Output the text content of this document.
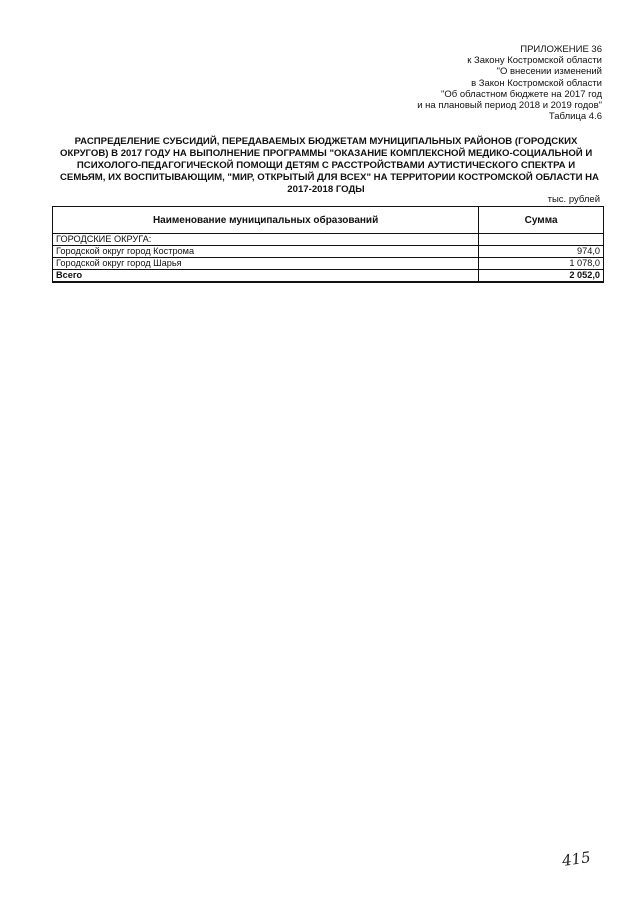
ПРИЛОЖЕНИЕ 36
к Закону Костромской области
"О внесении изменений
в Закон Костромской области
"Об областном бюджете на 2017 год
и на плановый период 2018 и 2019 годов"
Таблица 4.6
РАСПРЕДЕЛЕНИЕ СУБСИДИЙ, ПЕРЕДАВАЕМЫХ БЮДЖЕТАМ МУНИЦИПАЛЬНЫХ РАЙОНОВ (ГОРОДСКИХ
ОКРУГОВ) В 2017 ГОДУ НА ВЫПОЛНЕНИЕ ПРОГРАММЫ "ОКАЗАНИЕ КОМПЛЕКСНОЙ МЕДИКО-СОЦИАЛЬНОЙ И
ПСИХОЛОГО-ПЕДАГОГИЧЕСКОЙ ПОМОЩИ ДЕТЯМ С РАССТРОЙСТВАМИ АУТИСТИЧЕСКОГО СПЕКТРА И
СЕМЬЯМ, ИХ ВОСПИТЫВАЮЩИМ, "МИР, ОТКРЫТЫЙ ДЛЯ ВСЕХ" НА ТЕРРИТОРИИ КОСТРОМСКОЙ ОБЛАСТИ НА
2017-2018 ГОДЫ
тыс. рублей
Наименование муниципальных образований	Сумма
ГОРОДСКИЕ ОКРУГА:	
Городской округ город Кострома	974,0
Городской округ город Шарья	1 078,0
Всего	2 052,0
415
